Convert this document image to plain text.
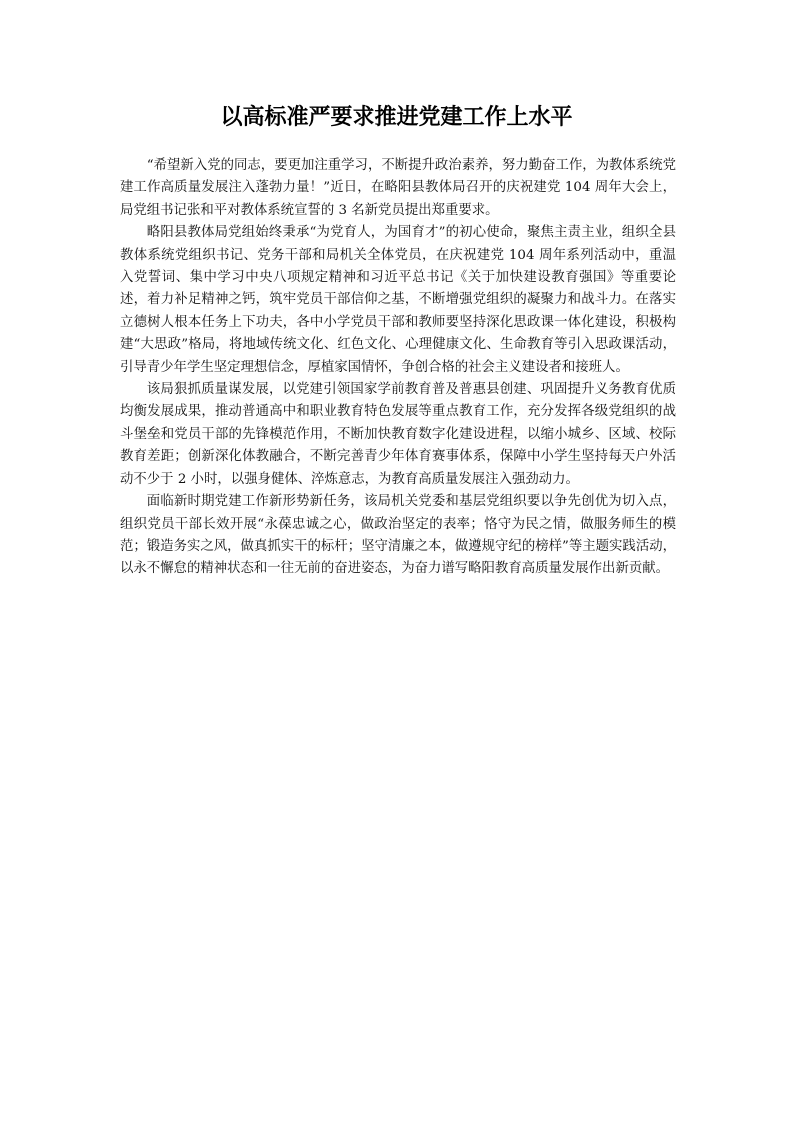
以高标准严要求推进党建工作上水平

“希望新入党的同志，要更加注重学习，不断提升政治素养，努力勤奋工作，为教体系统党建工作高质量发展注入蓬勃力量！”近日，在略阳县教体局召开的庆祝建党 104 周年大会上，局党组书记张和平对教体系统宣誓的 3 名新党员提出郑重要求。

略阳县教体局党组始终秉承“为党育人，为国育才”的初心使命，聚焦主责主业，组织全县教体系统党组织书记、党务干部和局机关全体党员，在庆祝建党 104 周年系列活动中，重温入党誓词、集中学习中央八项规定精神和习近平总书记《关于加快建设教育强国》等重要论述，着力补足精神之钙，筑牢党员干部信仰之基，不断增强党组织的凝聚力和战斗力。在落实立德树人根本任务上下功夫，各中小学党员干部和教师要坚持深化思政课一体化建设，积极构建“大思政”格局，将地域传统文化、红色文化、心理健康文化、生命教育等引入思政课活动，引导青少年学生坚定理想信念，厚植家国情怀，争创合格的社会主义建设者和接班人。

该局狠抓质量谋发展，以党建引领国家学前教育普及普惠县创建、巩固提升义务教育优质均衡发展成果，推动普通高中和职业教育特色发展等重点教育工作，充分发挥各级党组织的战斗堡垒和党员干部的先锋模范作用，不断加快教育数字化建设进程，以缩小城乡、区域、校际教育差距；创新深化体教融合，不断完善青少年体育赛事体系，保障中小学生坚持每天户外活动不少于 2 小时，以强身健体、淬炼意志，为教育高质量发展注入强劲动力。

面临新时期党建工作新形势新任务，该局机关党委和基层党组织要以争先创优为切入点，组织党员干部长效开展“永葆忠诚之心，做政治坚定的表率；恪守为民之情，做服务师生的模范；锻造务实之风，做真抓实干的标杆；坚守清廉之本，做遵规守纪的榜样”等主题实践活动，以永不懈怠的精神状态和一往无前的奋进姿态，为奋力谱写略阳教育高质量发展作出新贡献。
